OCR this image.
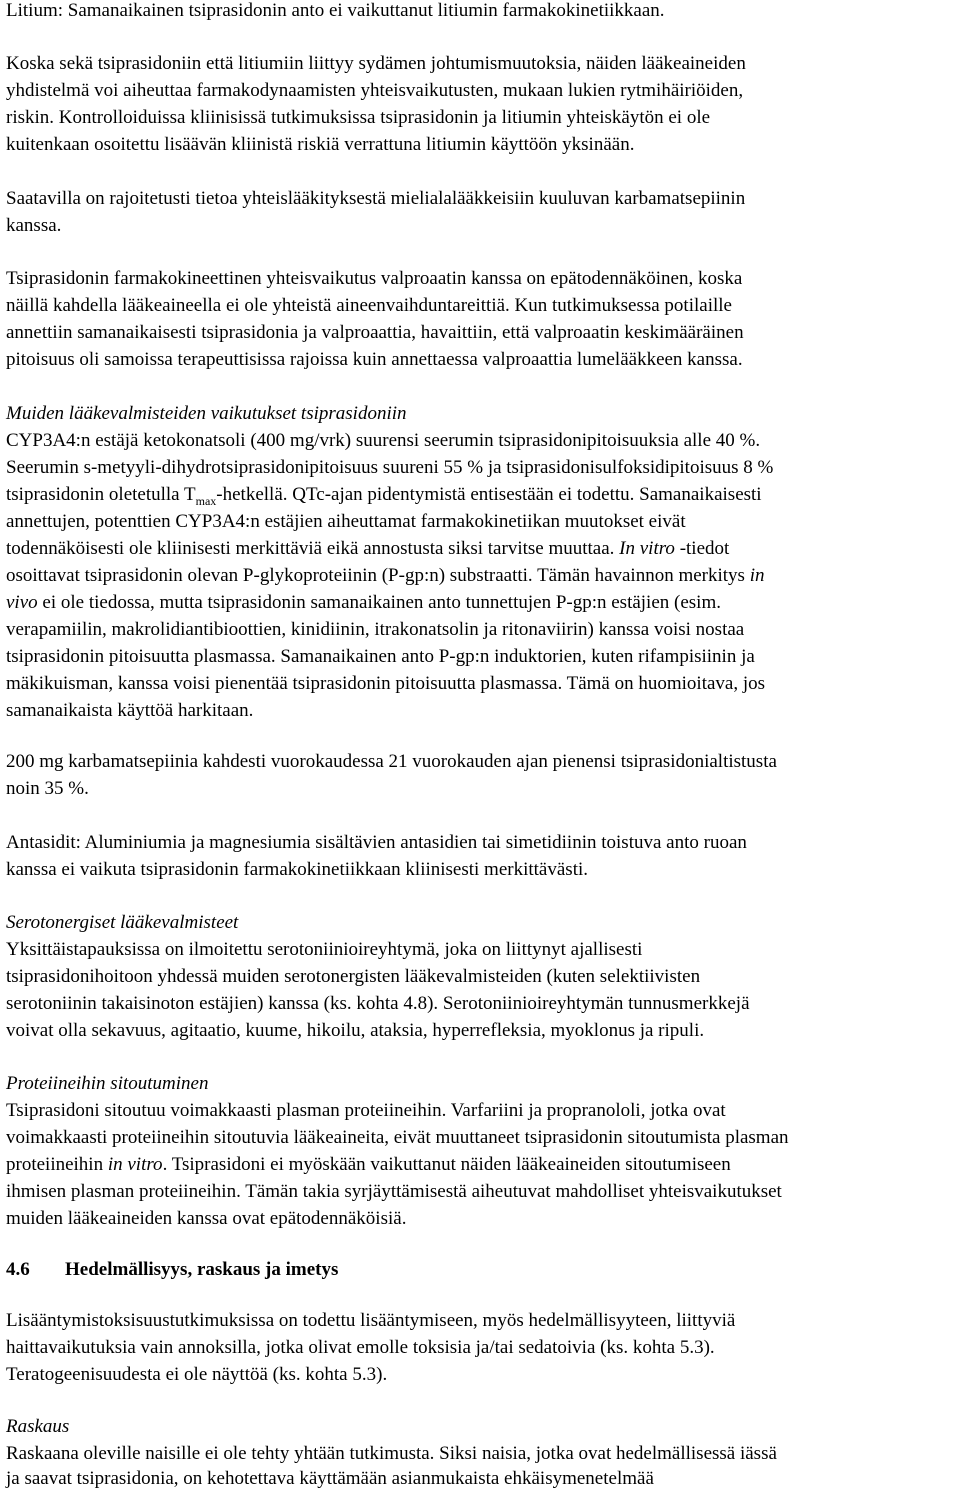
Litium: Samanaikainen tsiprasidonin anto ei vaikuttanut litiumin farmakokinetiikkaan.
Koska sekä tsiprasidoniin että litiumiin liittyy sydämen johtumismuutoksia, näiden lääkeaineiden
yhdistelmä voi aiheuttaa farmakodynaamisten yhteisvaikutusten, mukaan lukien rytmihäiriöiden,
riskin. Kontrolloiduissa kliinisissä tutkimuksissa tsiprasidonin ja litiumin yhteiskäytön ei ole
kuitenkaan osoitettu lisäävän kliinistä riskiä verrattuna litiumin käyttöön yksinään.
Saatavilla on rajoitetusti tietoa yhteislääkityksestä mielialalääkkeisiin kuuluvan karbamatsepiinin
kanssa.
Tsiprasidonin farmakokineettinen yhteisvaikutus valproaatin kanssa on epätodennäköinen, koska
näillä kahdella lääkeaineella ei ole yhteistä aineenvaihduntareittiä. Kun tutkimuksessa potilaille
annettiin samanaikaisesti tsiprasidonia ja valproaattia, havaittiin, että valproaatin keskimääräinen
pitoisuus oli samoissa terapeuttisissa rajoissa kuin annettaessa valproaattia lumelääkkeen kanssa.
Muiden lääkevalmisteiden vaikutukset tsiprasidoniin
CYP3A4:n estäjä ketokonatsoli (400 mg/vrk) suurensi seerumin tsiprasidonipitoisuuksia alle 40 %.
Seerumin s-metyyli-dihydrotsiprasidonipitoisuus suureni 55 % ja tsiprasidonisulfoksidipitoisuus 8 %
tsiprasidonin oletetulla $T_{max}$-hetkellä. QTc-ajan pidentymistä entisestään ei todettu. Samanaikaisesti
annettujen, potenttien CYP3A4:n estäjien aiheuttamat farmakokinetiikan muutokset eivät
todennäköisesti ole kliinisesti merkittäviä eikä annostusta siksi tarvitse muuttaa. In vitro -tiedot
osoittavat tsiprasidonin olevan P-glykoproteiinin (P-gp:n) substraatti. Tämän havainnon merkitys in
vivo ei ole tiedossa, mutta tsiprasidonin samanaikainen anto tunnettujen P-gp:n estäjien (esim.
verapamiilin, makrolidiantibioottien, kinidiinin, itrakonatsolin ja ritonaviirin) kanssa voisi nostaa
tsiprasidonin pitoisuutta plasmassa. Samanaikainen anto P-gp:n induktorien, kuten rifampisiinin ja
mäkikuisman, kanssa voisi pienentää tsiprasidonin pitoisuutta plasmassa. Tämä on huomioitava, jos
samanaikaista käyttöä harkitaan.
200 mg karbamatsepiinia kahdesti vuorokaudessa 21 vuorokauden ajan pienensi tsiprasidonialtistusta
noin 35 %.
Antasidit: Aluminiumia ja magnesiumia sisältävien antasidien tai simetidiinin toistuva anto ruoan
kanssa ei vaikuta tsiprasidonin farmakokinetiikkaan kliinisesti merkittävästi.
Serotonergiset lääkevalmisteet
Yksittäistapauksissa on ilmoitettu serotoniinioireyhtymä, joka on liittynyt ajallisesti
tsiprasidonihoitoon yhdessä muiden serotonergisten lääkevalmisteiden (kuten selektiivisten
serotoniinin takaisinoton estäjien) kanssa (ks. kohta 4.8). Serotoniinioireyhtymän tunnusmerkkejä
voivat olla sekavuus, agitaatio, kuume, hikoilu, ataksia, hyperrefleksia, myoklonus ja ripuli.
Proteiineihin sitoutuminen
Tsiprasidoni sitoutuu voimakkaasti plasman proteiineihin. Varfariini ja propranololi, jotka ovat
voimakkaasti proteiineihin sitoutuvia lääkeaineita, eivät muuttaneet tsiprasidonin sitoutumista plasman
proteiineihin in vitro. Tsiprasidoni ei myöskään vaikuttanut näiden lääkeaineiden sitoutumiseen
ihmisen plasman proteiineihin. Tämän takia syrjäyttämisestä aiheutuvat mahdolliset yhteisvaikutukset
muiden lääkeaineiden kanssa ovat epätodennäköisiä.
4.6 Hedelmällisyys, raskaus ja imetys
Lisääntymistoksisuustutkimuksissa on todettu lisääntymiseen, myös hedelmällisyyteen, liittyviä
haittavaikutuksia vain annoksilla, jotka olivat emolle toksisia ja/tai sedatoivia (ks. kohta 5.3).
Teratogeenisuudesta ei ole näyttöä (ks. kohta 5.3).
Raskaus
Raskaana oleville naisille ei ole tehty yhtään tutkimusta. Siksi naisia, jotka ovat hedelmällisessä iässä
ja saavat tsiprasidonia, on kehotettava käyttämään asianmukaista ehkäisymenetelmää
